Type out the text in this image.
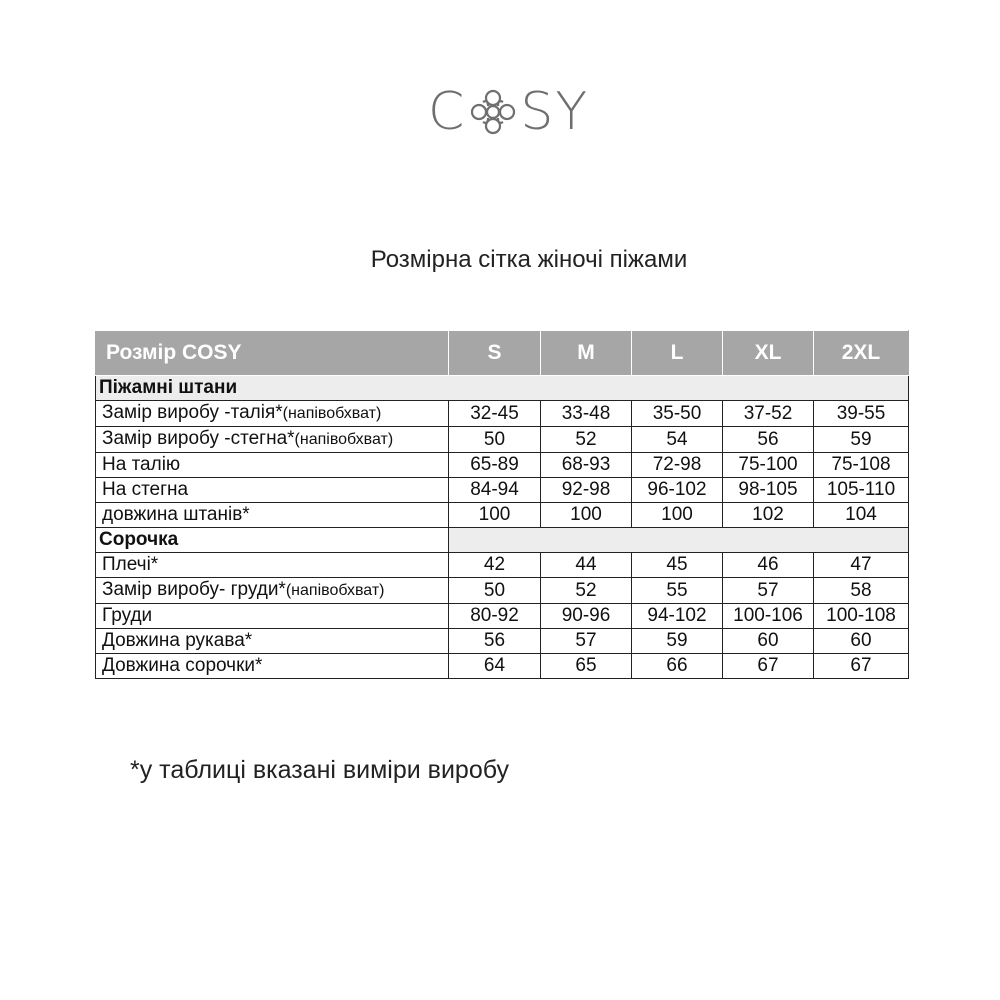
C SY
Розмірна сітка жіночі піжами
Розмір COSY	S	M	L	XL	2XL
Піжамні штани					
Замір виробу -талія*(напівобхват)	32-45	33-48	35-50	37-52	39-55
Замір виробу -стегна*(напівобхват)	50	52	54	56	59
На талію	65-89	68-93	72-98	75-100	75-108
На стегна	84-94	92-98	96-102	98-105	105-110
довжина штанів*	100	100	100	102	104
Сорочка					
Плечі*	42	44	45	46	47
Замір виробу- груди*(напівобхват)	50	52	55	57	58
Груди	80-92	90-96	94-102	100-106	100-108
Довжина рукава*	56	57	59	60	60
Довжина сорочки*	64	65	66	67	67
*у таблиці вказані виміри виробу
